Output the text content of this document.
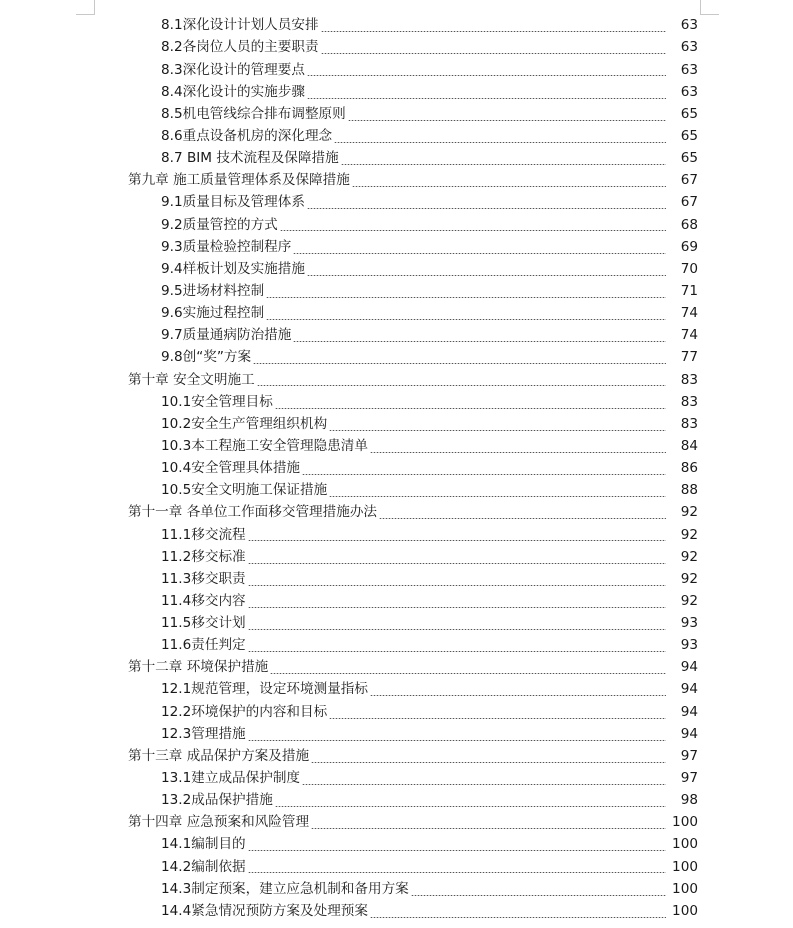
8.1深化设计计划人员安排	63
8.2各岗位人员的主要职责	63
8.3深化设计的管理要点	63
8.4深化设计的实施步骤	63
8.5机电管线综合排布调整原则	65
8.6重点设备机房的深化理念	65
8.7 BIM 技术流程及保障措施	65
第九章 施工质量管理体系及保障措施	67
9.1质量目标及管理体系	67
9.2质量管控的方式	68
9.3质量检验控制程序	69
9.4样板计划及实施措施	70
9.5进场材料控制	71
9.6实施过程控制	74
9.7质量通病防治措施	74
9.8创“奖”方案	77
第十章 安全文明施工	83
10.1安全管理目标	83
10.2安全生产管理组织机构	83
10.3本工程施工安全管理隐患清单	84
10.4安全管理具体措施	86
10.5安全文明施工保证措施	88
第十一章 各单位工作面移交管理措施办法	92
11.1移交流程	92
11.2移交标准	92
11.3移交职责	92
11.4移交内容	92
11.5移交计划	93
11.6责任判定	93
第十二章 环境保护措施	94
12.1规范管理，设定环境测量指标	94
12.2环境保护的内容和目标	94
12.3管理措施	94
第十三章 成品保护方案及措施	97
13.1建立成品保护制度	97
13.2成品保护措施	98
第十四章 应急预案和风险管理	100
14.1编制目的	100
14.2编制依据	100
14.3制定预案，建立应急机制和备用方案	100
14.4紧急情况预防方案及处理预案	100
